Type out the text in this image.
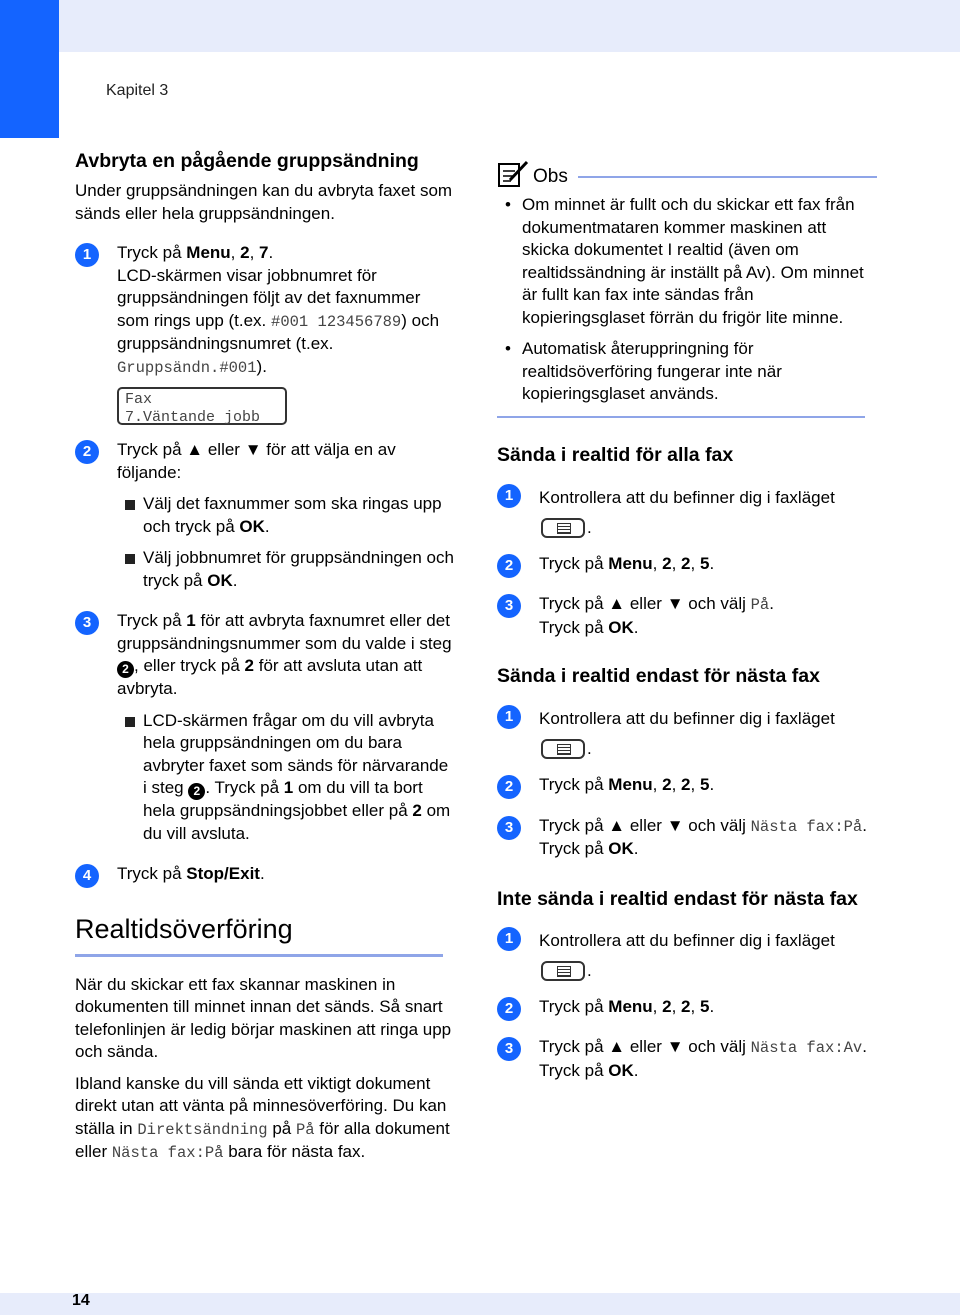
Kapitel 3
Avbryta en pågående gruppsändning

Under gruppsändningen kan du avbryta faxet som sänds eller hela gruppsändningen.

1	Tryck på Menu, 2, 7.

LCD-skärmen visar jobbnumret för gruppsändningen följt av det faxnummer som rings upp (t.ex. #001 123456789) och gruppsändningsnumret (t.ex. Gruppsändn.#001).

Fax
7.Väntande jobb
2	Tryck på ▲ eller ▼ för att välja en av följande:

Välj det faxnummer som ska ringas upp och tryck på OK.
Välj jobbnumret för gruppsändningen och tryck på OK.
3	Tryck på 1 för att avbryta faxnumret eller det gruppsändningsnummer som du valde i steg 2 , eller tryck på 2 för att avsluta utan att avbryta.

LCD-skärmen frågar om du vill avbryta hela gruppsändningen om du bara avbryter faxet som sänds för närvarande i steg 2 . Tryck på 1 om du vill ta bort hela gruppsändningsjobbet eller på 2 om du vill avsluta.
4	Tryck på Stop/Exit.

Realtidsöverföring

När du skickar ett fax skannar maskinen in dokumenten till minnet innan det sänds. Så snart telefonlinjen är ledig börjar maskinen att ringa upp och sända.

Ibland kanske du vill sända ett viktigt dokument direkt utan att vänta på minnesöverföring. Du kan ställa in Direktsändning på På för alla dokument eller Nästa fax:På bara för nästa fax.

Obs
• Om minnet är fullt och du skickar ett fax från dokumentmataren kommer maskinen att skicka dokumentet I realtid (även om realtidssändning är inställt på Av). Om minnet är fullt kan fax inte sändas från kopieringsglaset förrän du frigör lite minne.
• Automatisk återuppringning för realtidsöverföring fungerar inte när kopieringsglaset används.
Sända i realtid för alla fax
1	Kontrollera att du befinner dig i faxläget .

2	Tryck på Menu, 2, 2, 5.

3	Tryck på ▲ eller ▼ och välj På.

Tryck på OK.

Sända i realtid endast för nästa fax
1	Kontrollera att du befinner dig i faxläget .

2	Tryck på Menu, 2, 2, 5.

3	Tryck på ▲ eller ▼ och välj Nästa fax:På.

Tryck på OK.

Inte sända i realtid endast för nästa fax
1	Kontrollera att du befinner dig i faxläget .

2	Tryck på Menu, 2, 2, 5.

3	Tryck på ▲ eller ▼ och välj Nästa fax:Av.

Tryck på OK.

14
